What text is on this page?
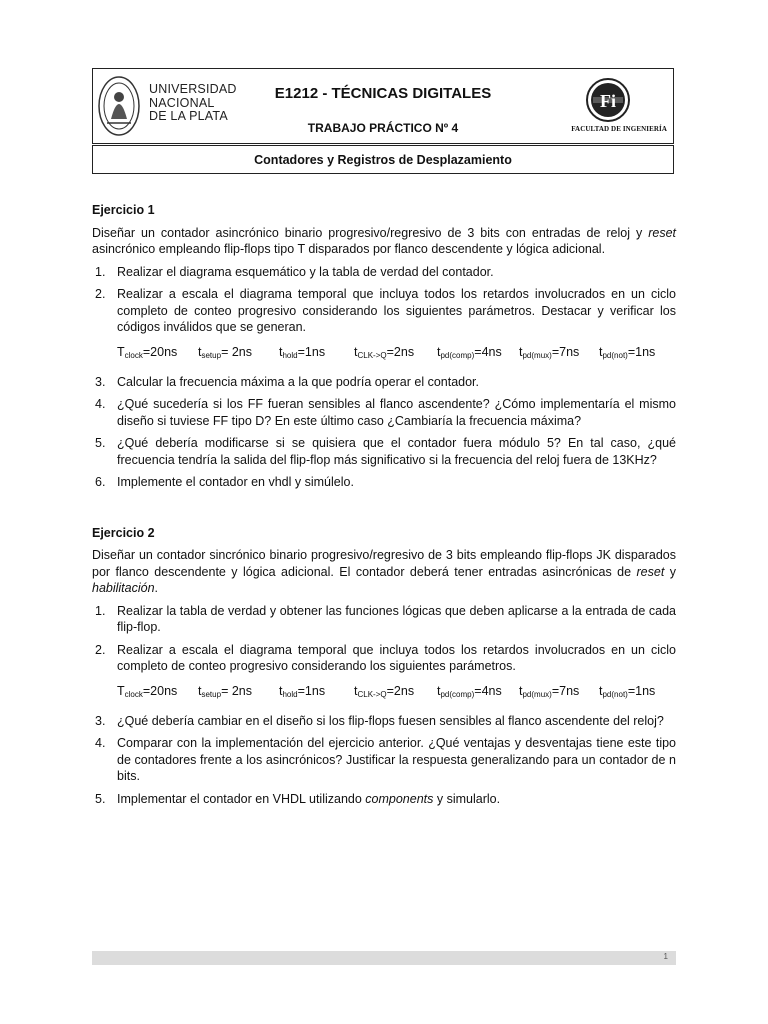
UNIVERSIDAD
NACIONAL
DE LA PLATA
E1212 - TÉCNICAS DIGITALES
TRABAJO PRÁCTICO Nº 4
Fi
FACULTAD DE INGENIERÍA
Contadores y Registros de Desplazamiento
Ejercicio 1
Diseñar un contador asincrónico binario progresivo/regresivo de 3 bits con entradas de reloj y reset asincrónico empleando flip-flops tipo T disparados por flanco descendente y lógica adicional.
1. Realizar el diagrama esquemático y la tabla de verdad del contador.
2. Realizar a escala el diagrama temporal que incluya todos los retardos involucrados en un ciclo completo de conteo progresivo considerando los siguientes parámetros. Destacar y verificar los códigos inválidos que se generan.
$T_{clock}=20ns$ $t_{setup}= 2ns$ $t_{hold}=1ns$ $t_{CLK->Q}=2ns$ $t_{pd(comp)}=4ns$ $t_{pd(mux)}=7ns$ $t_{pd(not)}=1ns$
3. Calcular la frecuencia máxima a la que podría operar el contador.
4. ¿Qué sucedería si los FF fueran sensibles al flanco ascendente? ¿Cómo implementaría el mismo diseño si tuviese FF tipo D? En este último caso ¿Cambiaría la frecuencia máxima?
5. ¿Qué debería modificarse si se quisiera que el contador fuera módulo 5? En tal caso, ¿qué frecuencia tendría la salida del flip-flop más significativo si la frecuencia del reloj fuera de 13KHz?
6. Implemente el contador en vhdl y simúlelo.
Ejercicio 2
Diseñar un contador sincrónico binario progresivo/regresivo de 3 bits empleando flip-flops JK disparados por flanco descendente y lógica adicional. El contador deberá tener entradas asincrónicas de reset y habilitación.
1. Realizar la tabla de verdad y obtener las funciones lógicas que deben aplicarse a la entrada de cada flip-flop.
2. Realizar a escala el diagrama temporal que incluya todos los retardos involucrados en un ciclo completo de conteo progresivo considerando los siguientes parámetros.
$T_{clock}=20ns$ $t_{setup}= 2ns$ $t_{hold}=1ns$ $t_{CLK->Q}=2ns$ $t_{pd(comp)}=4ns$ $t_{pd(mux)}=7ns$ $t_{pd(not)}=1ns$
3. ¿Qué debería cambiar en el diseño si los flip-flops fuesen sensibles al flanco ascendente del reloj?
4. Comparar con la implementación del ejercicio anterior. ¿Qué ventajas y desventajas tiene este tipo de contadores frente a los asincrónicos? Justificar la respuesta generalizando para un contador de n bits.
5. Implementar el contador en VHDL utilizando components y simularlo.
1
